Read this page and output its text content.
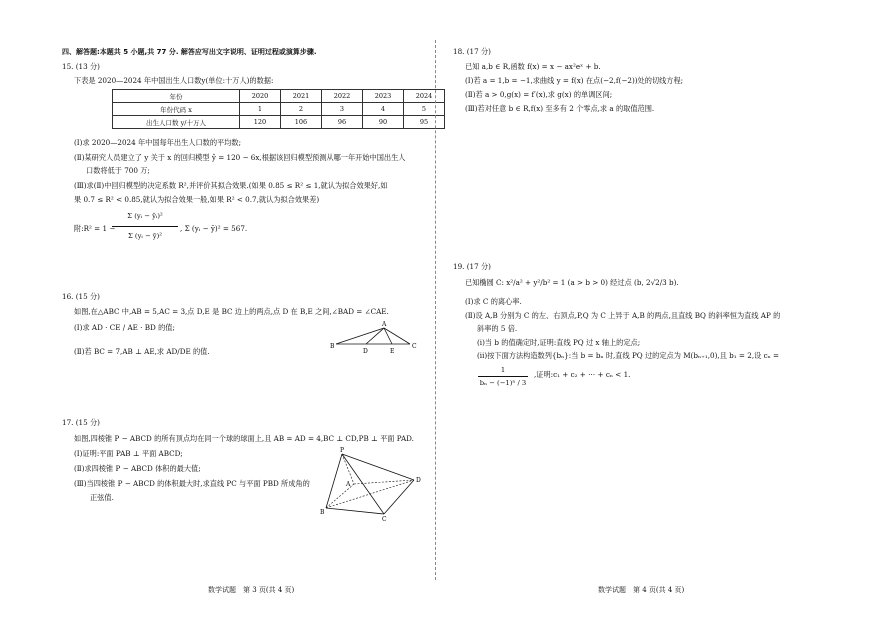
四、解答题:本题共 5 小题,共 77 分. 解答应写出文字说明、证明过程或演算步骤.
15. (13 分)
下表是 2020—2024 年中国出生人口数y(单位:十万人)的数据:
年份	2020	2021	2022	2023	2024
年份代码 x	1	2	3	4	5
出生人口数 y/十万人	120	106	96	90	95
(Ⅰ)求 2020—2024 年中国每年出生人口数的平均数;
(Ⅱ)某研究人员建立了 y 关于 x 的回归模型 ŷ = 120 − 6x,根据该回归模型预测从哪一年开始中国出生人
口数将低于 700 万;
(Ⅲ)求(Ⅱ)中回归模型的决定系数 R²,并评价其拟合效果.(如果 0.85 ≤ R² ≤ 1,就认为拟合效果好,如
果 0.7 ≤ R² < 0.85,就认为拟合效果一般,如果 R² < 0.7,就认为拟合效果差)
附:R² = 1 −
Σ (yᵢ − ŷᵢ)²
Σ (yᵢ − ȳ)²
, Σ (yᵢ − ȳ)² = 567.
16. (15 分)
如图,在△ABC 中,AB = 5,AC = 3,点 D,E 是 BC 边上的两点,点 D 在 B,E 之间,∠BAD = ∠CAE.
(Ⅰ)求 AD · CE / AE · BD 的值;
(Ⅱ)若 BC = 7,AB ⊥ AE,求 AD/DE 的值.
A
B
D	E
C
17. (15 分)
如图,四棱锥 P − ABCD 的所有顶点均在同一个球的球面上,且 AB = AD = 4,BC ⊥ CD,PB ⊥ 平面 PAD.
(Ⅰ)证明:平面 PAB ⊥ 平面 ABCD;
(Ⅱ)求四棱锥 P − ABCD 体积的最大值;
(Ⅲ)当四棱锥 P − ABCD 的体积最大时,求直线 PC 与平面 PBD 所成角的
正弦值.
P
A
D
B
C
数学试题　第 3 页(共 4 页)
18. (17 分)
已知 a,b ∈ R,函数 f(x) = x − ax²eˣ + b.
(Ⅰ)若 a = 1,b = −1,求曲线 y = f(x) 在点(−2,f(−2))处的切线方程;
(Ⅱ)若 a > 0,g(x) = f′(x),求 g(x) 的单调区间;
(Ⅲ)若对任意 b ∈ R,f(x) 至多有 2 个零点,求 a 的取值范围.
19. (17 分)
已知椭圆 C: x²/a² + y²/b² = 1 (a > b > 0) 经过点 (b, 2√2/3 b).
(Ⅰ)求 C 的离心率.
(Ⅱ)设 A,B 分别为 C 的左、右顶点,P,Q 为 C 上异于 A,B 的两点,且直线 BQ 的斜率恒为直线 AP 的
斜率的 5 倍.
(ⅰ)当 b 的值确定时,证明:直线 PQ 过 x 轴上的定点;
(ⅱ)按下面方法构造数列{bₙ}:当 b = bₙ 时,直线 PQ 过的定点为 M(bₙ₊₁,0),且 b₁ = 2,设 cₙ =
1
bₙ − (−1)ⁿ / 3
,证明:c₁ + c₂ + ⋯ + cₙ < 1.
数学试题　第 4 页(共 4 页)
